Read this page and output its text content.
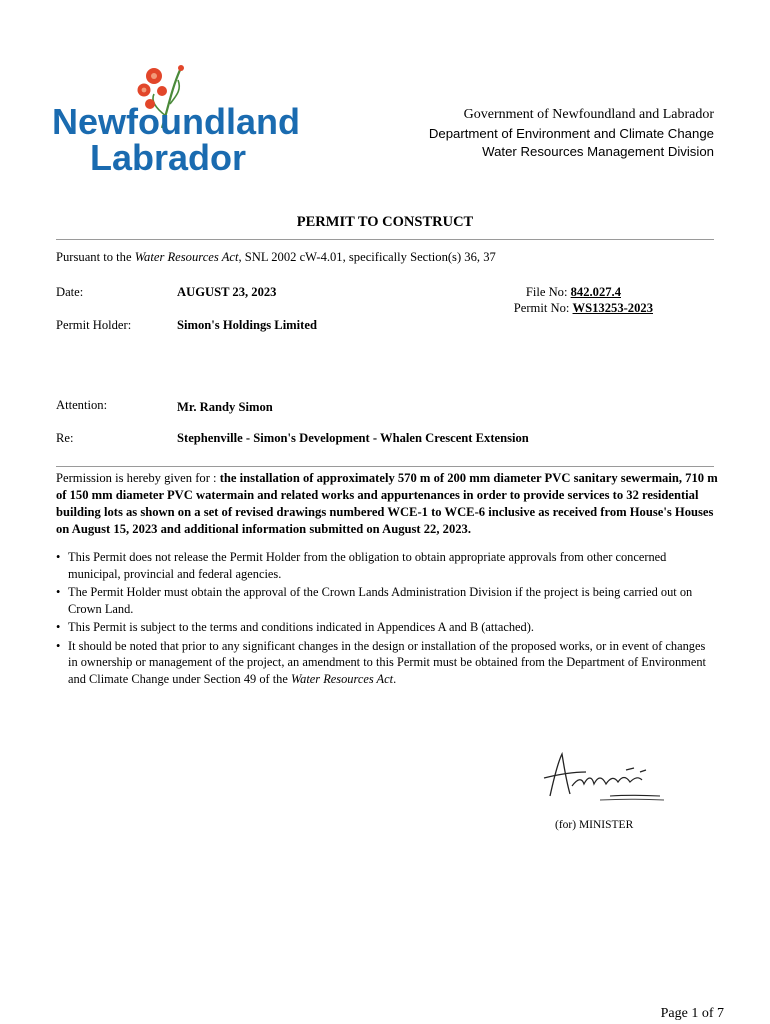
Newfoundland
Labrador
Government of Newfoundland and Labrador
Department of Environment and Climate Change
Water Resources Management Division
PERMIT TO CONSTRUCT
Pursuant to the Water Resources Act, SNL 2002 cW-4.01, specifically Section(s) 36, 37
Date:	AUGUST 23, 2023	File No: 842.027.4
Permit No: WS13253-2023
Permit Holder:	Simon's Holdings Limited
Attention:	Mr. Randy Simon
Re:	Stephenville - Simon's Development - Whalen Crescent Extension
Permission is hereby given for : the installation of approximately 570 m of 200 mm diameter PVC sanitary sewermain, 710 m of 150 mm diameter PVC watermain and related works and appurtenances in order to provide services to 32 residential building lots as shown on a set of revised drawings numbered WCE-1 to WCE-6 inclusive as received from House's Houses on August 15, 2023 and additional information submitted on August 22, 2023.
• This Permit does not release the Permit Holder from the obligation to obtain appropriate approvals from other concerned municipal, provincial and federal agencies.
• The Permit Holder must obtain the approval of the Crown Lands Administration Division if the project is being carried out on Crown Land.
• This Permit is subject to the terms and conditions indicated in Appendices A and B (attached).
• It should be noted that prior to any significant changes in the design or installation of the proposed works, or in event of changes in ownership or management of the project, an amendment to this Permit must be obtained from the Department of Environment and Climate Change under Section 49 of the Water Resources Act.
(for) MINISTER
Page 1 of 7
